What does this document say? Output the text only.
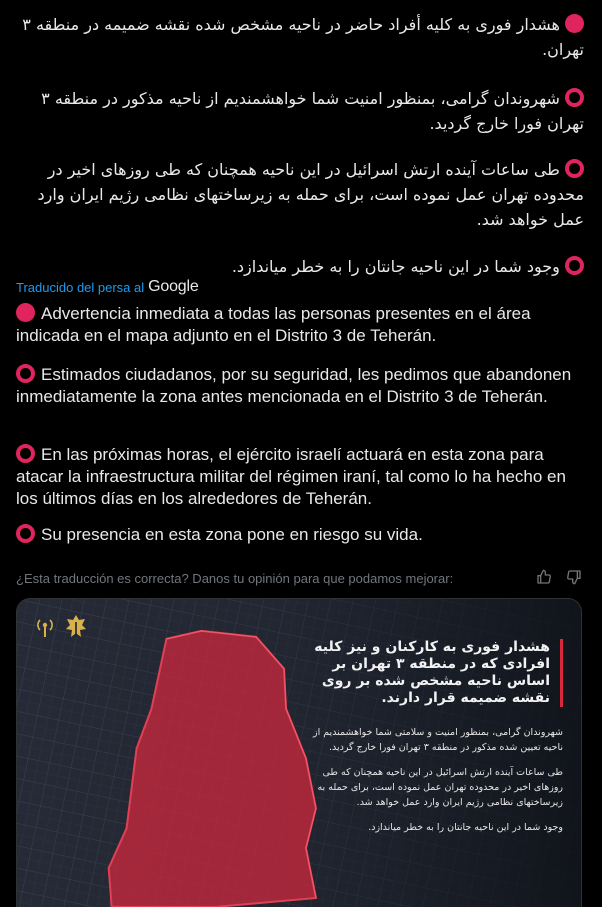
هشدار فوری به کلیه أفراد حاضر در ناحیه مشخص شده نقشه ضمیمه در منطقه ۳ تهران.
شهروندان گرامی، بمنظور امنیت شما خواهشمندیم از ناحیه مذکور در منطقه ۳ تهران فورا خارج گردید.
طی ساعات آینده ارتش اسرائیل در این ناحیه همچنان که طی روزهای اخیر در محدوده تهران عمل نموده است، برای حمله به زیرساختهای نظامی رژیم ایران وارد عمل خواهد شد.
وجود شما در این ناحیه جانتان را به خطر میاندازد.
Traducido del persa al Google
Advertencia inmediata a todas las personas presentes en el área indicada en el mapa adjunto en el Distrito 3 de Teherán.
Estimados ciudadanos, por su seguridad, les pedimos que abandonen inmediatamente la zona antes mencionada en el Distrito 3 de Teherán.
En las próximas horas, el ejército israelí actuará en esta zona para atacar la infraestructura militar del régimen iraní, tal como lo ha hecho en los últimos días en los alrededores de Teherán.
Su presencia en esta zona pone en riesgo su vida.
¿Esta traducción es correcta? Danos tu opinión para que podamos mejorar:
هشدار فوری به کارکنان و نیز کلیه افرادی که در منطقه ۳ تهران بر اساس ناحیه مشخص شده بر روی نقشه ضمیمه قرار دارند.

شهروندان گرامی، بمنظور امنیت و سلامتی شما خواهشمندیم از ناحیه تعیین شده مذکور در منطقه ۳ تهران فورا خارج گردید.

طی ساعات آینده ارتش اسرائیل در این ناحیه همچنان که طی روزهای اخیر در محدوده تهران عمل نموده است، برای حمله به زیرساختهای نظامی رژیم ایران وارد عمل خواهد شد.

وجود شما در این ناحیه جانتان را به خطر میاندازد.
